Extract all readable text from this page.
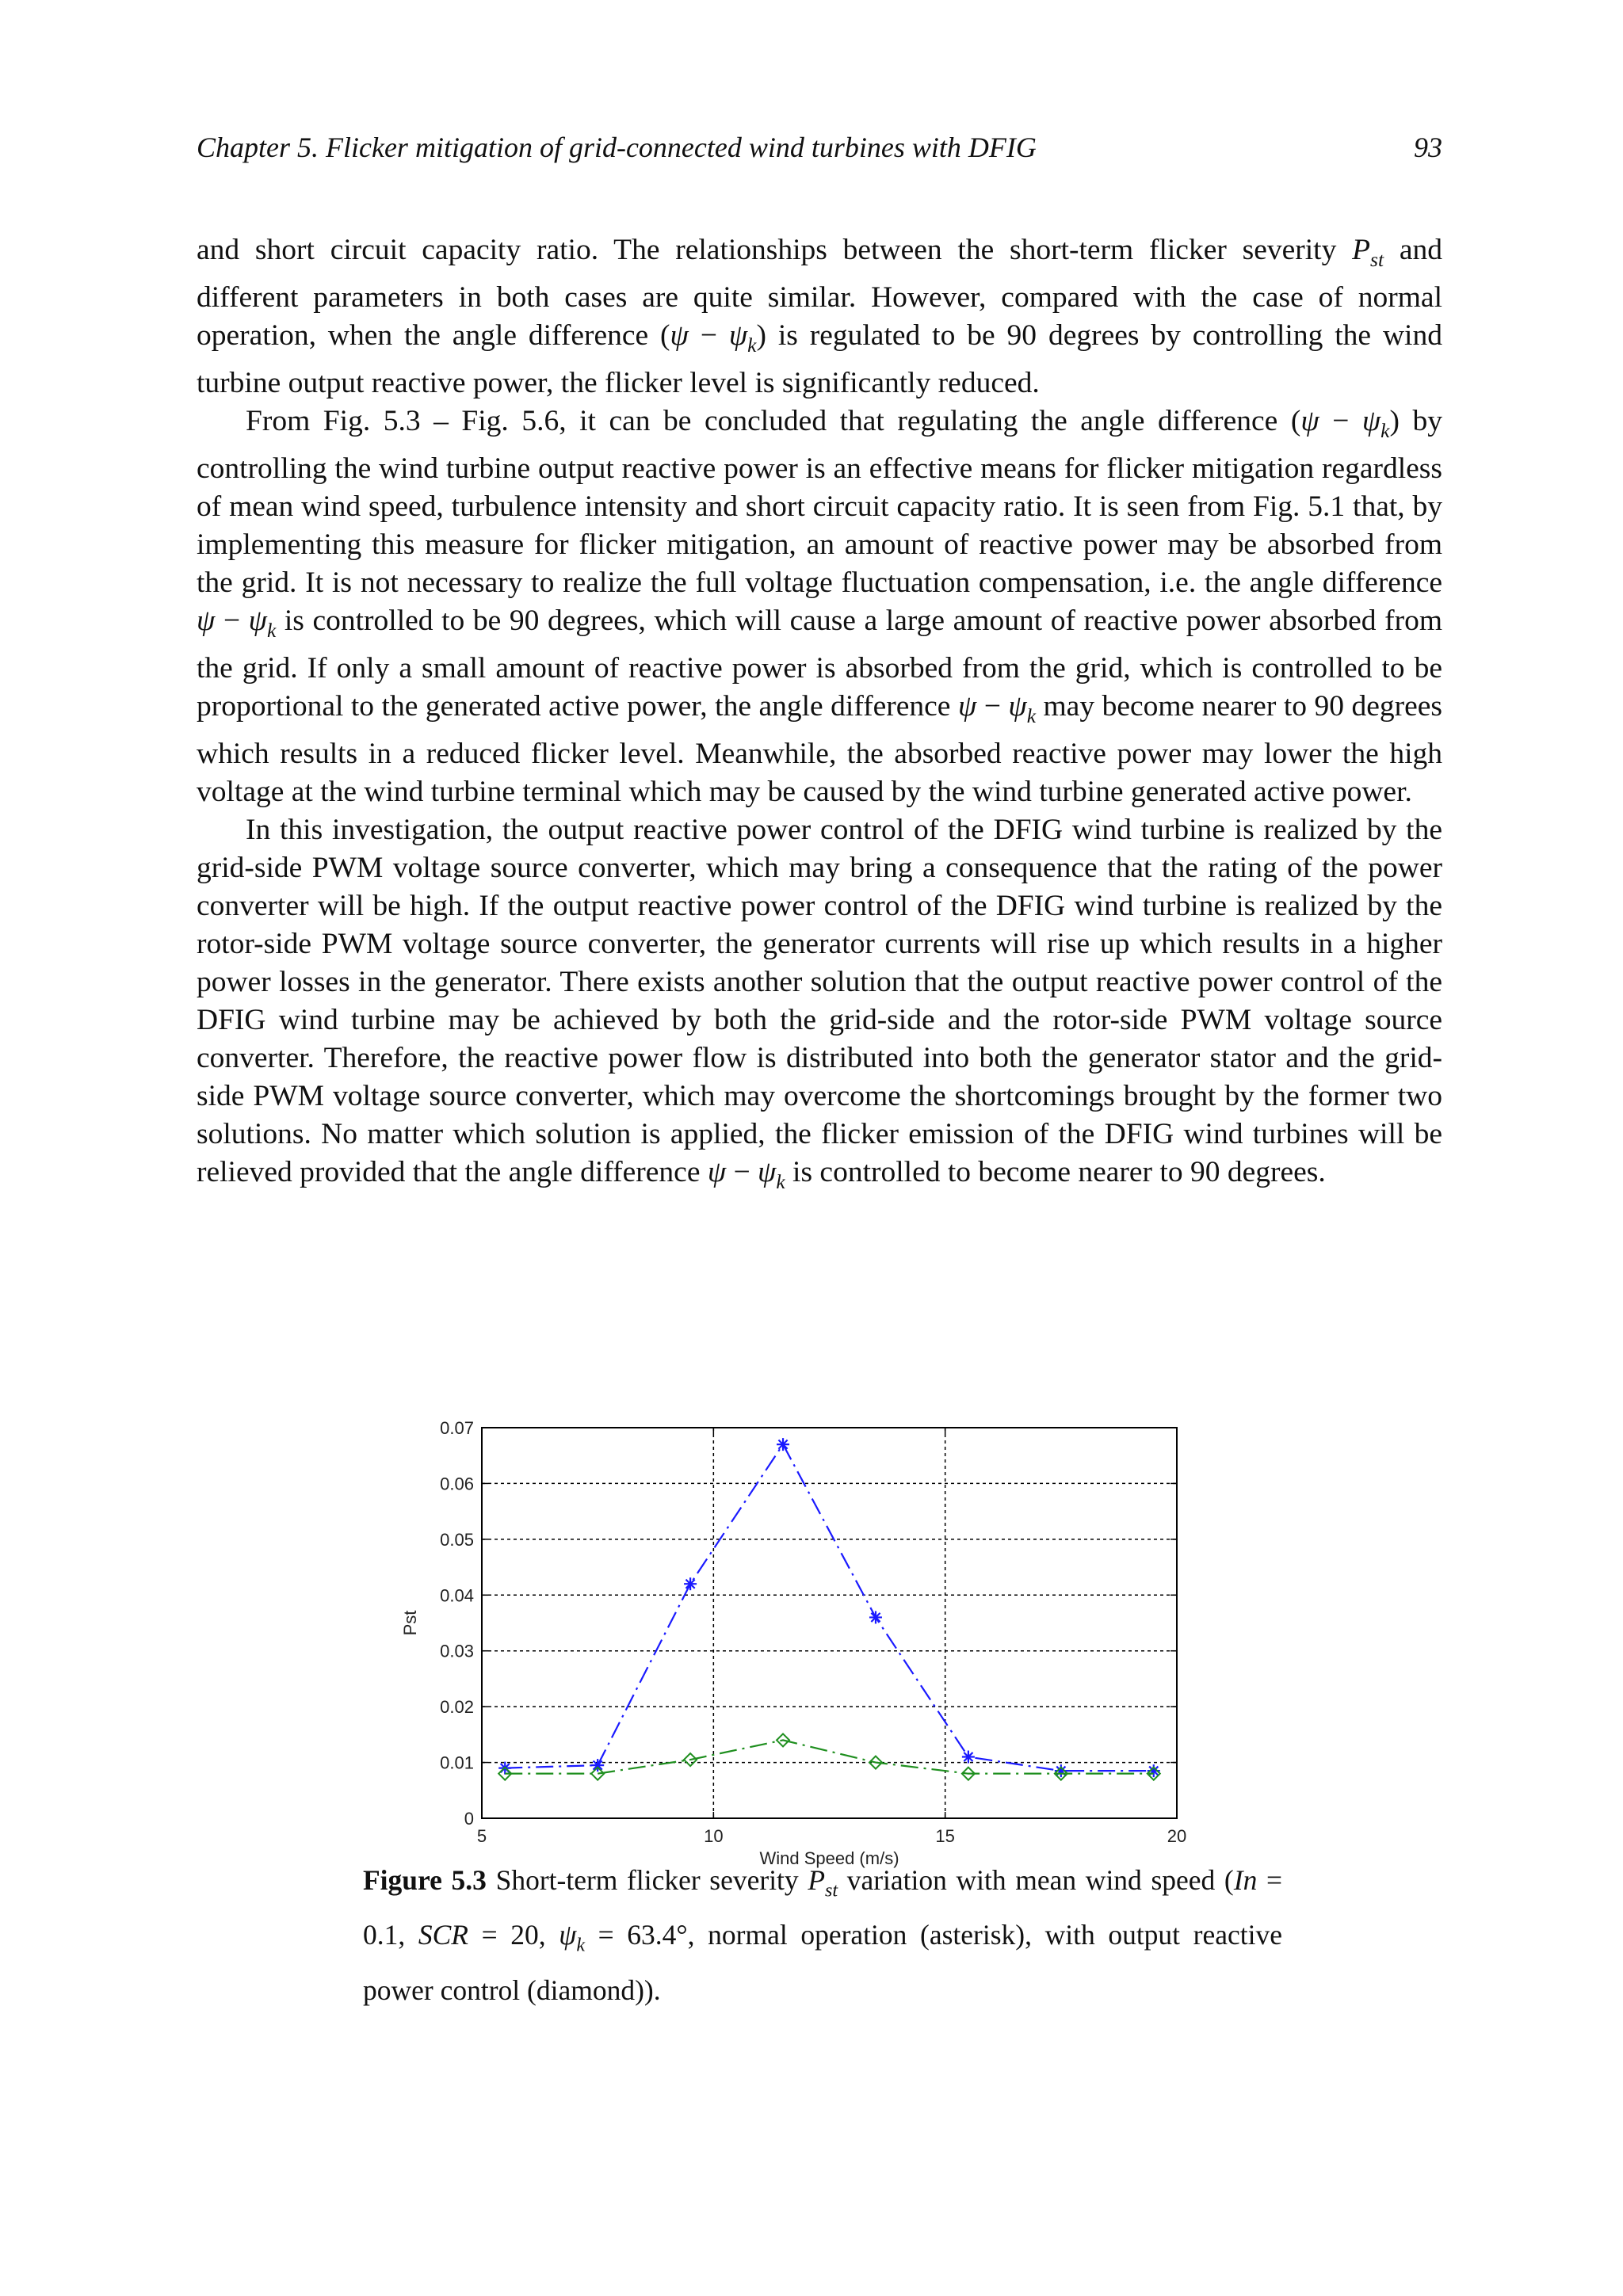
Chapter 5. Flicker mitigation of grid-connected wind turbines with DFIG	93

and short circuit capacity ratio. The relationships between the short-term flicker severity $P_{st}$ and different parameters in both cases are quite similar. However, compared with the case of normal operation, when the angle difference $(\psi - \psi_k)$ is regulated to be 90 degrees by controlling the wind turbine output reactive power, the flicker level is significantly reduced.

From Fig. 5.3 – Fig. 5.6, it can be concluded that regulating the angle difference $(\psi - \psi_k)$ by controlling the wind turbine output reactive power is an effective means for flicker mitigation regardless of mean wind speed, turbulence intensity and short circuit capacity ratio. It is seen from Fig. 5.1 that, by implementing this measure for flicker mitigation, an amount of reactive power may be absorbed from the grid. It is not necessary to realize the full voltage fluctuation compensation, i.e. the angle difference $\psi - \psi_k$ is controlled to be 90 degrees, which will cause a large amount of reactive power absorbed from the grid. If only a small amount of reactive power is absorbed from the grid, which is controlled to be proportional to the generated active power, the angle difference $\psi - \psi_k$ may become nearer to 90 degrees which results in a reduced flicker level. Meanwhile, the absorbed reactive power may lower the high voltage at the wind turbine terminal which may be caused by the wind turbine generated active power.

In this investigation, the output reactive power control of the DFIG wind turbine is realized by the grid-side PWM voltage source converter, which may bring a consequence that the rating of the power converter will be high. If the output reactive power control of the DFIG wind turbine is realized by the rotor-side PWM voltage source converter, the generator currents will rise up which results in a higher power losses in the generator. There exists another solution that the output reactive power control of the DFIG wind turbine may be achieved by both the grid-side and the rotor-side PWM voltage source converter. Therefore, the reactive power flow is distributed into both the generator stator and the grid-side PWM voltage source converter, which may overcome the shortcomings brought by the former two solutions. No matter which solution is applied, the flicker emission of the DFIG wind turbines will be relieved provided that the angle difference $\psi - \psi_k$ is controlled to become nearer to 90 degrees.

0
0.01
0.02
0.03
0.04
0.05
0.06
0.07
5	10	15	20
Wind Speed (m/s)
Pst
Figure 5.3 Short-term flicker severity $P_{st}$ variation with mean wind speed (In = 0.1, SCR = 20, $\psi_k = 63.4^\circ$, normal operation (asterisk), with output reactive power control (diamond)).
